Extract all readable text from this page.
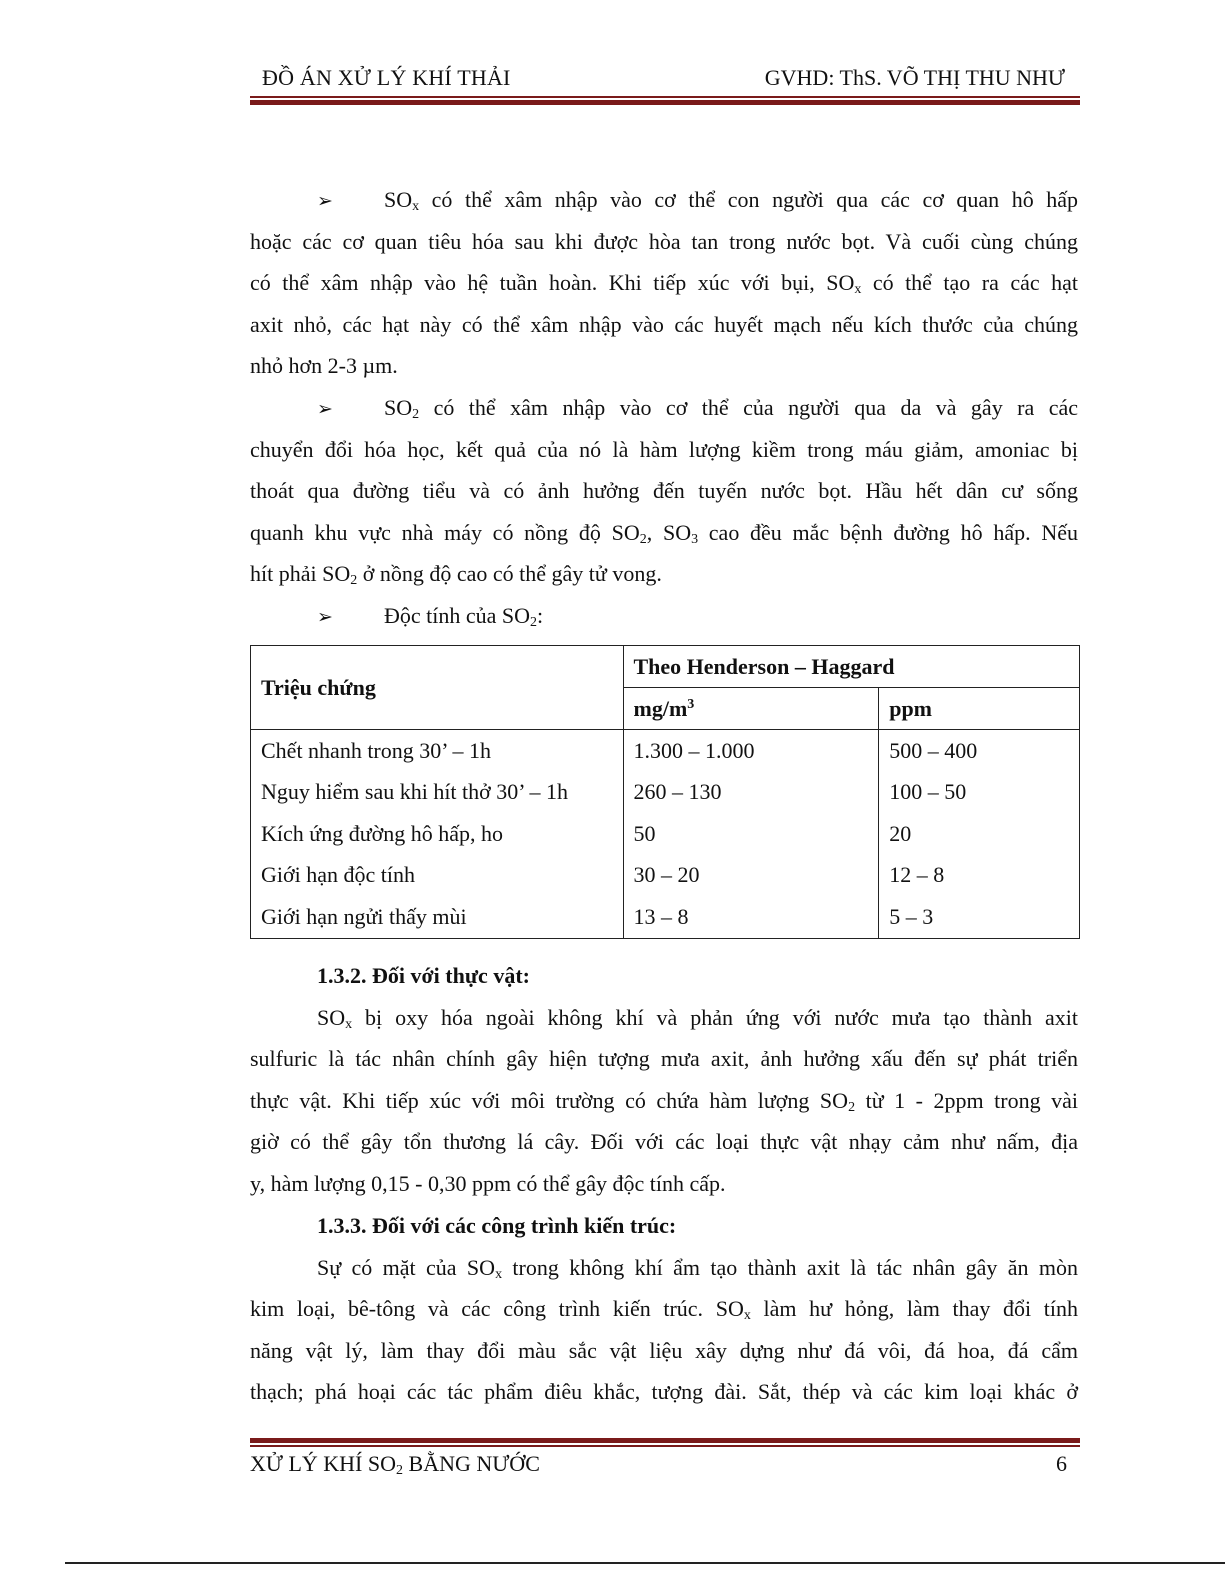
ĐỒ ÁN XỬ LÝ KHÍ THẢI	GVHD: ThS. VÕ THỊ THU NHƯ
➢ $SO_x$ có thể xâm nhập vào cơ thể con người qua các cơ quan hô hấp
hoặc các cơ quan tiêu hóa sau khi được hòa tan trong nước bọt. Và cuối cùng chúng
có thể xâm nhập vào hệ tuần hoàn. Khi tiếp xúc với bụi, $SO_x$ có thể tạo ra các hạt
axit nhỏ, các hạt này có thể xâm nhập vào các huyết mạch nếu kích thước của chúng
nhỏ hơn 2-3 µm.
➢ $SO_2$ có thể xâm nhập vào cơ thể của người qua da và gây ra các
chuyển đổi hóa học, kết quả của nó là hàm lượng kiềm trong máu giảm, amoniac bị
thoát qua đường tiểu và có ảnh hưởng đến tuyến nước bọt. Hầu hết dân cư sống
quanh khu vực nhà máy có nồng độ $SO_2$, $SO_3$ cao đều mắc bệnh đường hô hấp. Nếu
hít phải $SO_2$ ở nồng độ cao có thể gây tử vong.
➢ Độc tính của $SO_2$:
Triệu chứng	Theo Henderson – Haggard	
	$mg/m^3$	ppm
Chết nhanh trong 30’ – 1h	1.300 – 1.000	500 – 400
Nguy hiểm sau khi hít thở 30’ – 1h	260 – 130	100 – 50
Kích ứng đường hô hấp, ho	50	20
Giới hạn độc tính	30 – 20	12 – 8
Giới hạn ngửi thấy mùi	13 – 8	5 – 3
1.3.2. Đối với thực vật:
$SO_x$ bị oxy hóa ngoài không khí và phản ứng với nước mưa tạo thành axit
sulfuric là tác nhân chính gây hiện tượng mưa axit, ảnh hưởng xấu đến sự phát triển
thực vật. Khi tiếp xúc với môi trường có chứa hàm lượng $SO_2$ từ 1 - 2ppm trong vài
giờ có thể gây tổn thương lá cây. Đối với các loại thực vật nhạy cảm như nấm, địa
y, hàm lượng 0,15 - 0,30 ppm có thể gây độc tính cấp.
1.3.3. Đối với các công trình kiến trúc:
Sự có mặt của $SO_x$ trong không khí ẩm tạo thành axit là tác nhân gây ăn mòn
kim loại, bê-tông và các công trình kiến trúc. $SO_x$ làm hư hỏng, làm thay đổi tính
năng vật lý, làm thay đổi màu sắc vật liệu xây dựng như đá vôi, đá hoa, đá cẩm
thạch; phá hoại các tác phẩm điêu khắc, tượng đài. Sắt, thép và các kim loại khác ở
XỬ LÝ KHÍ $SO_2$ BẰNG NƯỚC	6
